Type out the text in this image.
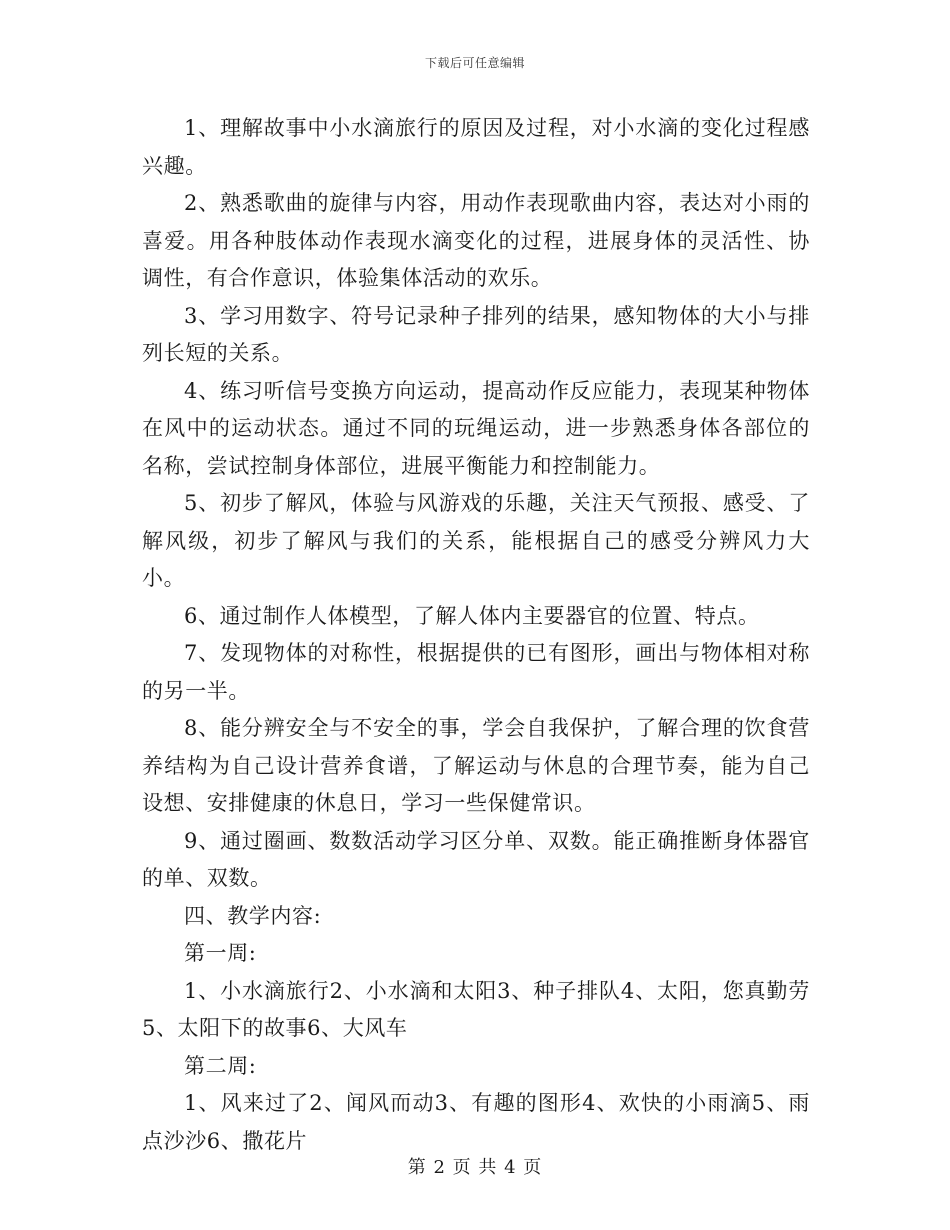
下载后可任意编辑

1、理解故事中小水滴旅行的原因及过程，对小水滴的变化过程感兴趣。

2、熟悉歌曲的旋律与内容，用动作表现歌曲内容，表达对小雨的喜爱。用各种肢体动作表现水滴变化的过程，进展身体的灵活性、协调性，有合作意识，体验集体活动的欢乐。

3、学习用数字、符号记录种子排列的结果，感知物体的大小与排列长短的关系。

4、练习听信号变换方向运动，提高动作反应能力，表现某种物体在风中的运动状态。通过不同的玩绳运动，进一步熟悉身体各部位的名称，尝试控制身体部位，进展平衡能力和控制能力。

5、初步了解风，体验与风游戏的乐趣，关注天气预报、感受、了解风级，初步了解风与我们的关系，能根据自己的感受分辨风力大小。

6、通过制作人体模型，了解人体内主要器官的位置、特点。

7、发现物体的对称性，根据提供的已有图形，画出与物体相对称的另一半。

8、能分辨安全与不安全的事，学会自我保护，了解合理的饮食营养结构为自己设计营养食谱，了解运动与休息的合理节奏，能为自己设想、安排健康的休息日，学习一些保健常识。

9、通过圈画、数数活动学习区分单、双数。能正确推断身体器官的单、双数。

四、教学内容:

第一周:

1、小水滴旅行2、小水滴和太阳3、种子排队4、太阳，您真勤劳5、太阳下的故事6、大风车

第二周:

1、风来过了2、闻风而动3、有趣的图形4、欢快的小雨滴5、雨点沙沙6、撒花片

第 2 页 共 4 页
